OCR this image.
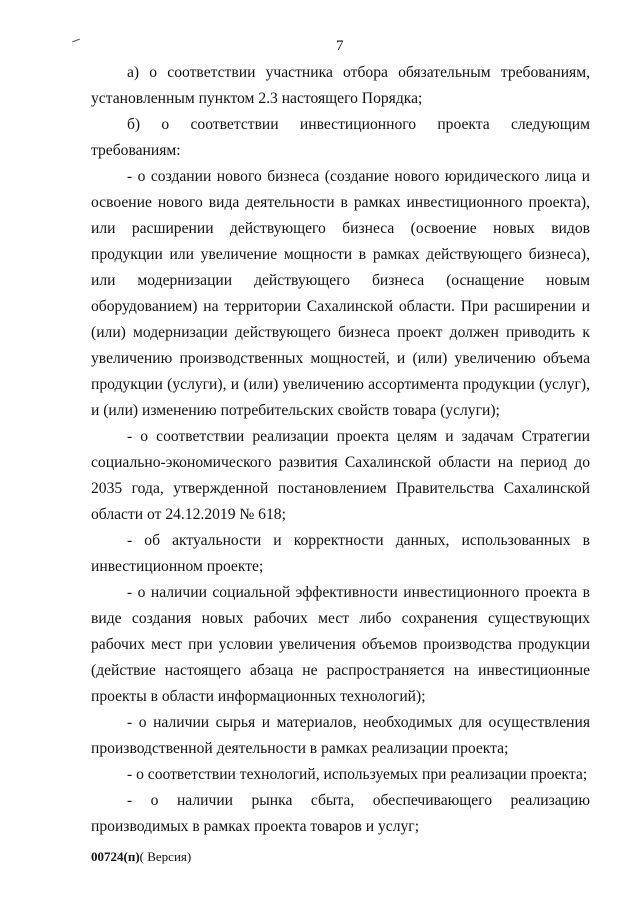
7

а) о соответствии участника отбора обязательным требованиям, установленным пунктом 2.3 настоящего Порядка;

б) о соответствии инвестиционного проекта следующим требованиям:

- о создании нового бизнеса (создание нового юридического лица и освоение нового вида деятельности в рамках инвестиционного проекта), или расширении действующего бизнеса (освоение новых видов продукции или увеличение мощности в рамках действующего бизнеса), или модернизации действующего бизнеса (оснащение новым оборудованием) на территории Сахалинской области. При расширении и (или) модернизации действующего бизнеса проект должен приводить к увеличению производственных мощностей, и (или) увеличению объема продукции (услуги), и (или) увеличению ассортимента продукции (услуг), и (или) изменению потребительских свойств товара (услуги);

- о соответствии реализации проекта целям и задачам Стратегии социально-экономического развития Сахалинской области на период до 2035 года, утвержденной постановлением Правительства Сахалинской области от 24.12.2019 № 618;

- об актуальности и корректности данных, использованных в инвестиционном проекте;

- о наличии социальной эффективности инвестиционного проекта в виде создания новых рабочих мест либо сохранения существующих рабочих мест при условии увеличения объемов производства продукции (действие настоящего абзаца не распространяется на инвестиционные проекты в области информационных технологий);

- о наличии сырья и материалов, необходимых для осуществления производственной деятельности в рамках реализации проекта;

- о соответствии технологий, используемых при реализации проекта;

- о наличии рынка сбыта, обеспечивающего реализацию производимых в рамках проекта товаров и услуг;

00724(п)( Версия)
